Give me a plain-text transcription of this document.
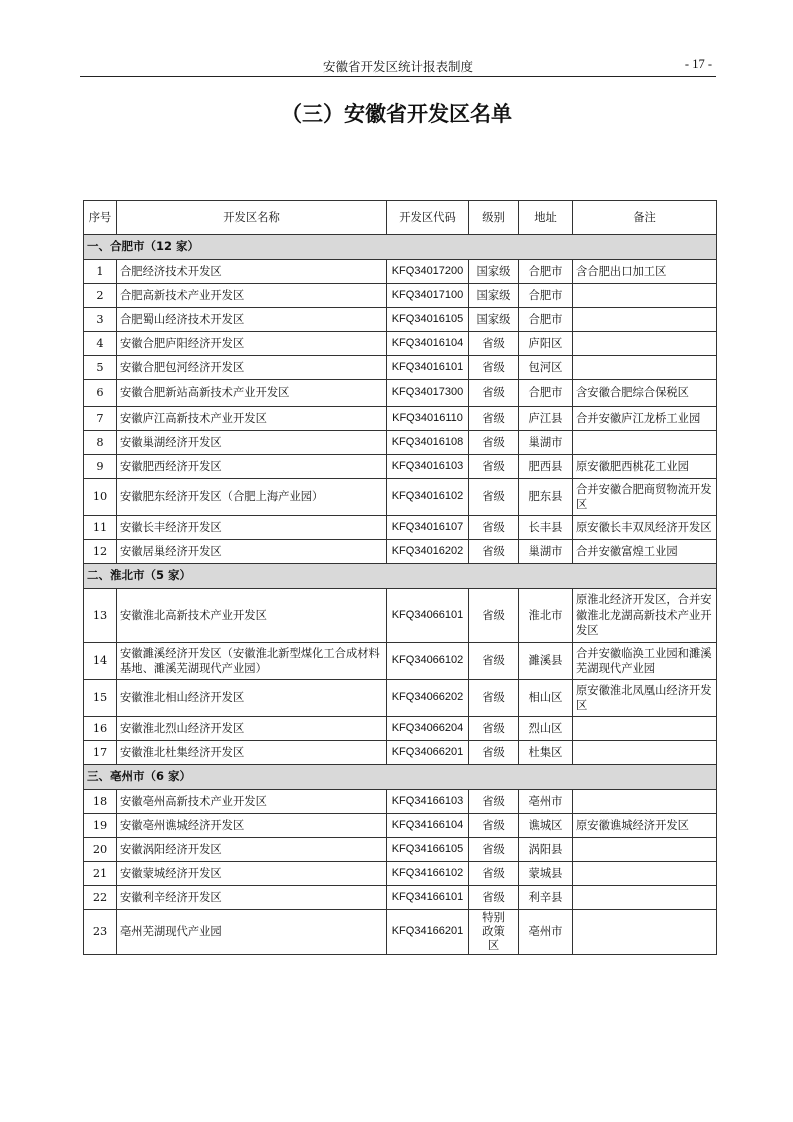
安徽省开发区统计报表制度	- 17 -
（三）安徽省开发区名单
序号	开发区名称	开发区代码	级别	地址	备注
一、合肥市（12 家）					
1	合肥经济技术开发区	KFQ34017200	国家级	合肥市	含合肥出口加工区
2	合肥高新技术产业开发区	KFQ34017100	国家级	合肥市	
3	合肥蜀山经济技术开发区	KFQ34016105	国家级	合肥市	
4	安徽合肥庐阳经济开发区	KFQ34016104	省级	庐阳区	
5	安徽合肥包河经济开发区	KFQ34016101	省级	包河区	
6	安徽合肥新站高新技术产业开发区	KFQ34017300	省级	合肥市	含安徽合肥综合保税区
7	安徽庐江高新技术产业开发区	KFQ34016110	省级	庐江县	合并安徽庐江龙桥工业园
8	安徽巢湖经济开发区	KFQ34016108	省级	巢湖市	
9	安徽肥西经济开发区	KFQ34016103	省级	肥西县	原安徽肥西桃花工业园
10	安徽肥东经济开发区（合肥上海产业园）	KFQ34016102	省级	肥东县	合并安徽合肥商贸物流开发区
11	安徽长丰经济开发区	KFQ34016107	省级	长丰县	原安徽长丰双凤经济开发区
12	安徽居巢经济开发区	KFQ34016202	省级	巢湖市	合并安徽富煌工业园
二、淮北市（5 家）					
13	安徽淮北高新技术产业开发区	KFQ34066101	省级	淮北市	原淮北经济开发区，合并安徽淮北龙湖高新技术产业开发区
14	安徽濉溪经济开发区（安徽淮北新型煤化工合成材料基地、濉溪芜湖现代产业园）	KFQ34066102	省级	濉溪县	合并安徽临涣工业园和濉溪芜湖现代产业园
15	安徽淮北相山经济开发区	KFQ34066202	省级	相山区	原安徽淮北凤凰山经济开发区
16	安徽淮北烈山经济开发区	KFQ34066204	省级	烈山区	
17	安徽淮北杜集经济开发区	KFQ34066201	省级	杜集区	
三、亳州市（6 家）					
18	安徽亳州高新技术产业开发区	KFQ34166103	省级	亳州市	
19	安徽亳州谯城经济开发区	KFQ34166104	省级	谯城区	原安徽谯城经济开发区
20	安徽涡阳经济开发区	KFQ34166105	省级	涡阳县	
21	安徽蒙城经济开发区	KFQ34166102	省级	蒙城县	
22	安徽利辛经济开发区	KFQ34166101	省级	利辛县	
23	亳州芜湖现代产业园	KFQ34166201	特别政策区	亳州市	
